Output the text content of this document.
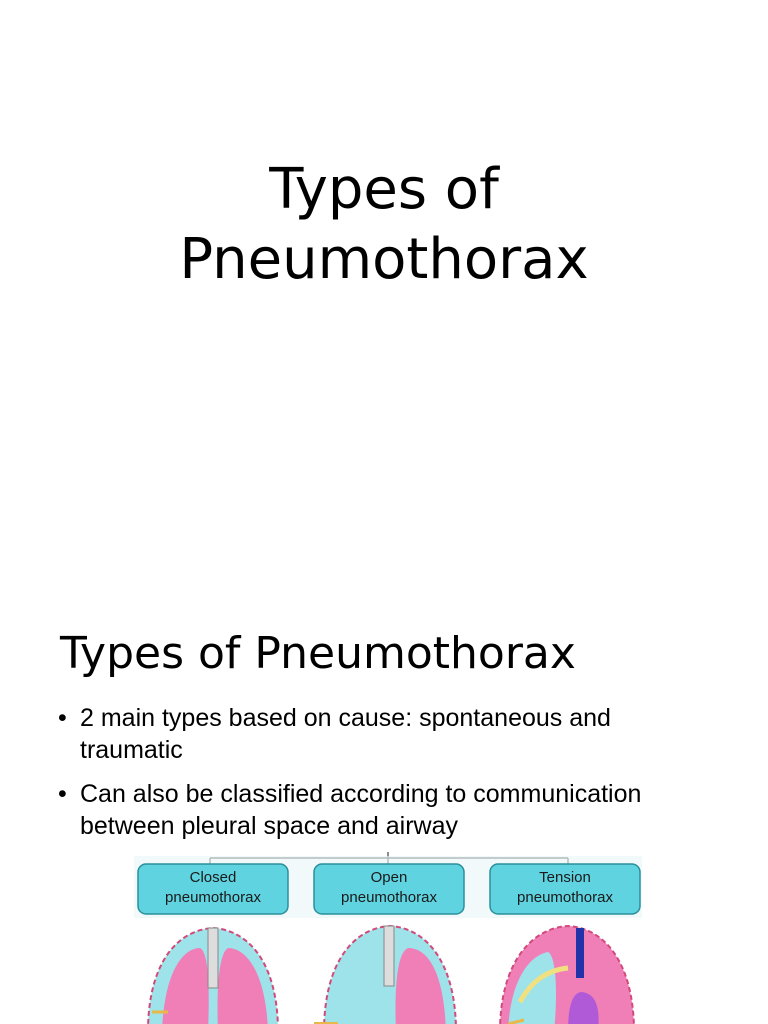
Types of
Pneumothorax
Types of Pneumothorax
• 2 main types based on cause: spontaneous and traumatic
• Can also be classified according to communication between pleural space and airway
Closed
pneumothorax
Open
pneumothorax
Tension
pneumothorax
